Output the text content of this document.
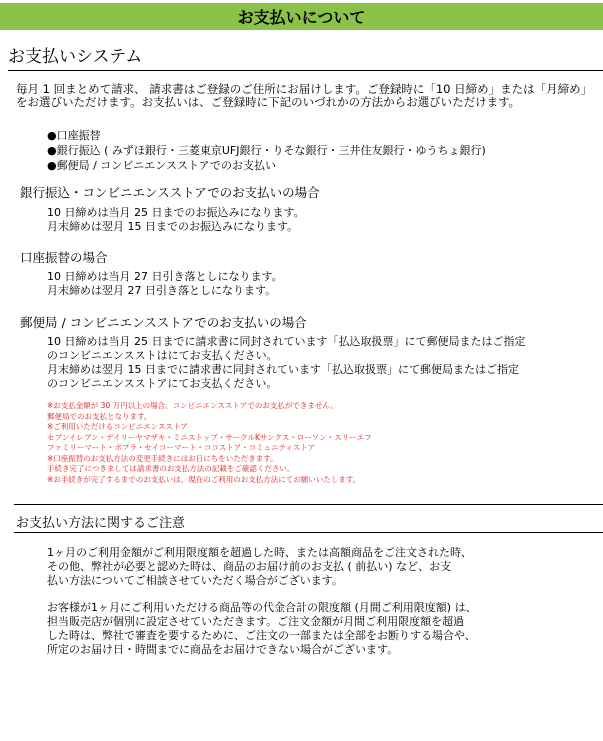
お支払いについて
お支払いシステム
毎月 1 回まとめて請求、 請求書はご登録のご住所にお届けします。ご登録時に「10 日締め」または「月締め」をお選びいただけます。お支払いは、ご登録時に下記のいづれかの方法からお選びいただけます。
●口座振替
●銀行振込 ( みずほ銀行・三菱東京UFJ銀行・りそな銀行・三井住友銀行・ゆうちょ銀行)
●郵便局 / コンビニエンスストアでのお支払い
銀行振込・コンビニエンスストアでのお支払いの場合
10 日締めは当月 25 日までのお振込みになります。
月末締めは翌月 15 日までのお振込みになります。
口座振替の場合
10 日締めは当月 27 日引き落としになります。
月末締めは翌月 27 日引き落としになります。
郵便局 / コンビニエンスストアでのお支払いの場合
10 日締めは当月 25 日までに請求書に同封されています「払込取扱票」にて郵便局またはご指定
のコンビニエンスストはにてお支払ください。
月末締めは翌月 15 日までに請求書に同封されています「払込取扱票」にて郵便局またはご指定
のコンビニエンスストアにてお支払ください。
※お支払金額が 30 万円以上の場合、コンビニエンスストアでのお支払ができません。
郵便局でのお支払となります。
※ご利用いただけるコンビニエンスストア
セブンイレブン・デイリーヤマザキ・ミニストップ・サークルKサンクス・ローソン・スリーエフ
ファミリーマート・ポプラ・セイコーマート・ココストア・コミュニティストア
※口座振替のお支払方法の変更手続きにはお日にちをいただきます。
手続き完了につきましては請求書のお支払方法の記載をご確認ください。
※お手続きが完了するまでのお支払いは、現在のご利用のお支払方法にてお願いいたします。
お支払い方法に関するご注意
1ヶ月のご利用金額がご利用限度額を超過した時、または高額商品をご注文された時、
その他、弊社が必要と認めた時は、商品のお届け前のお支払 ( 前払い) など、お支
払い方法についてご相談させていただく場合がございます。
お客様が1ヶ月にご利用いただける商品等の代金合計の限度額 (月間ご利用限度額) は、
担当販売店が個別に設定させていただきます。ご注文金額が月間ご利用限度額を超過
した時は、弊社で審査を要するために、ご注文の一部または全部をお断りする場合や、
所定のお届け日・時間までに商品をお届けできない場合がございます。
